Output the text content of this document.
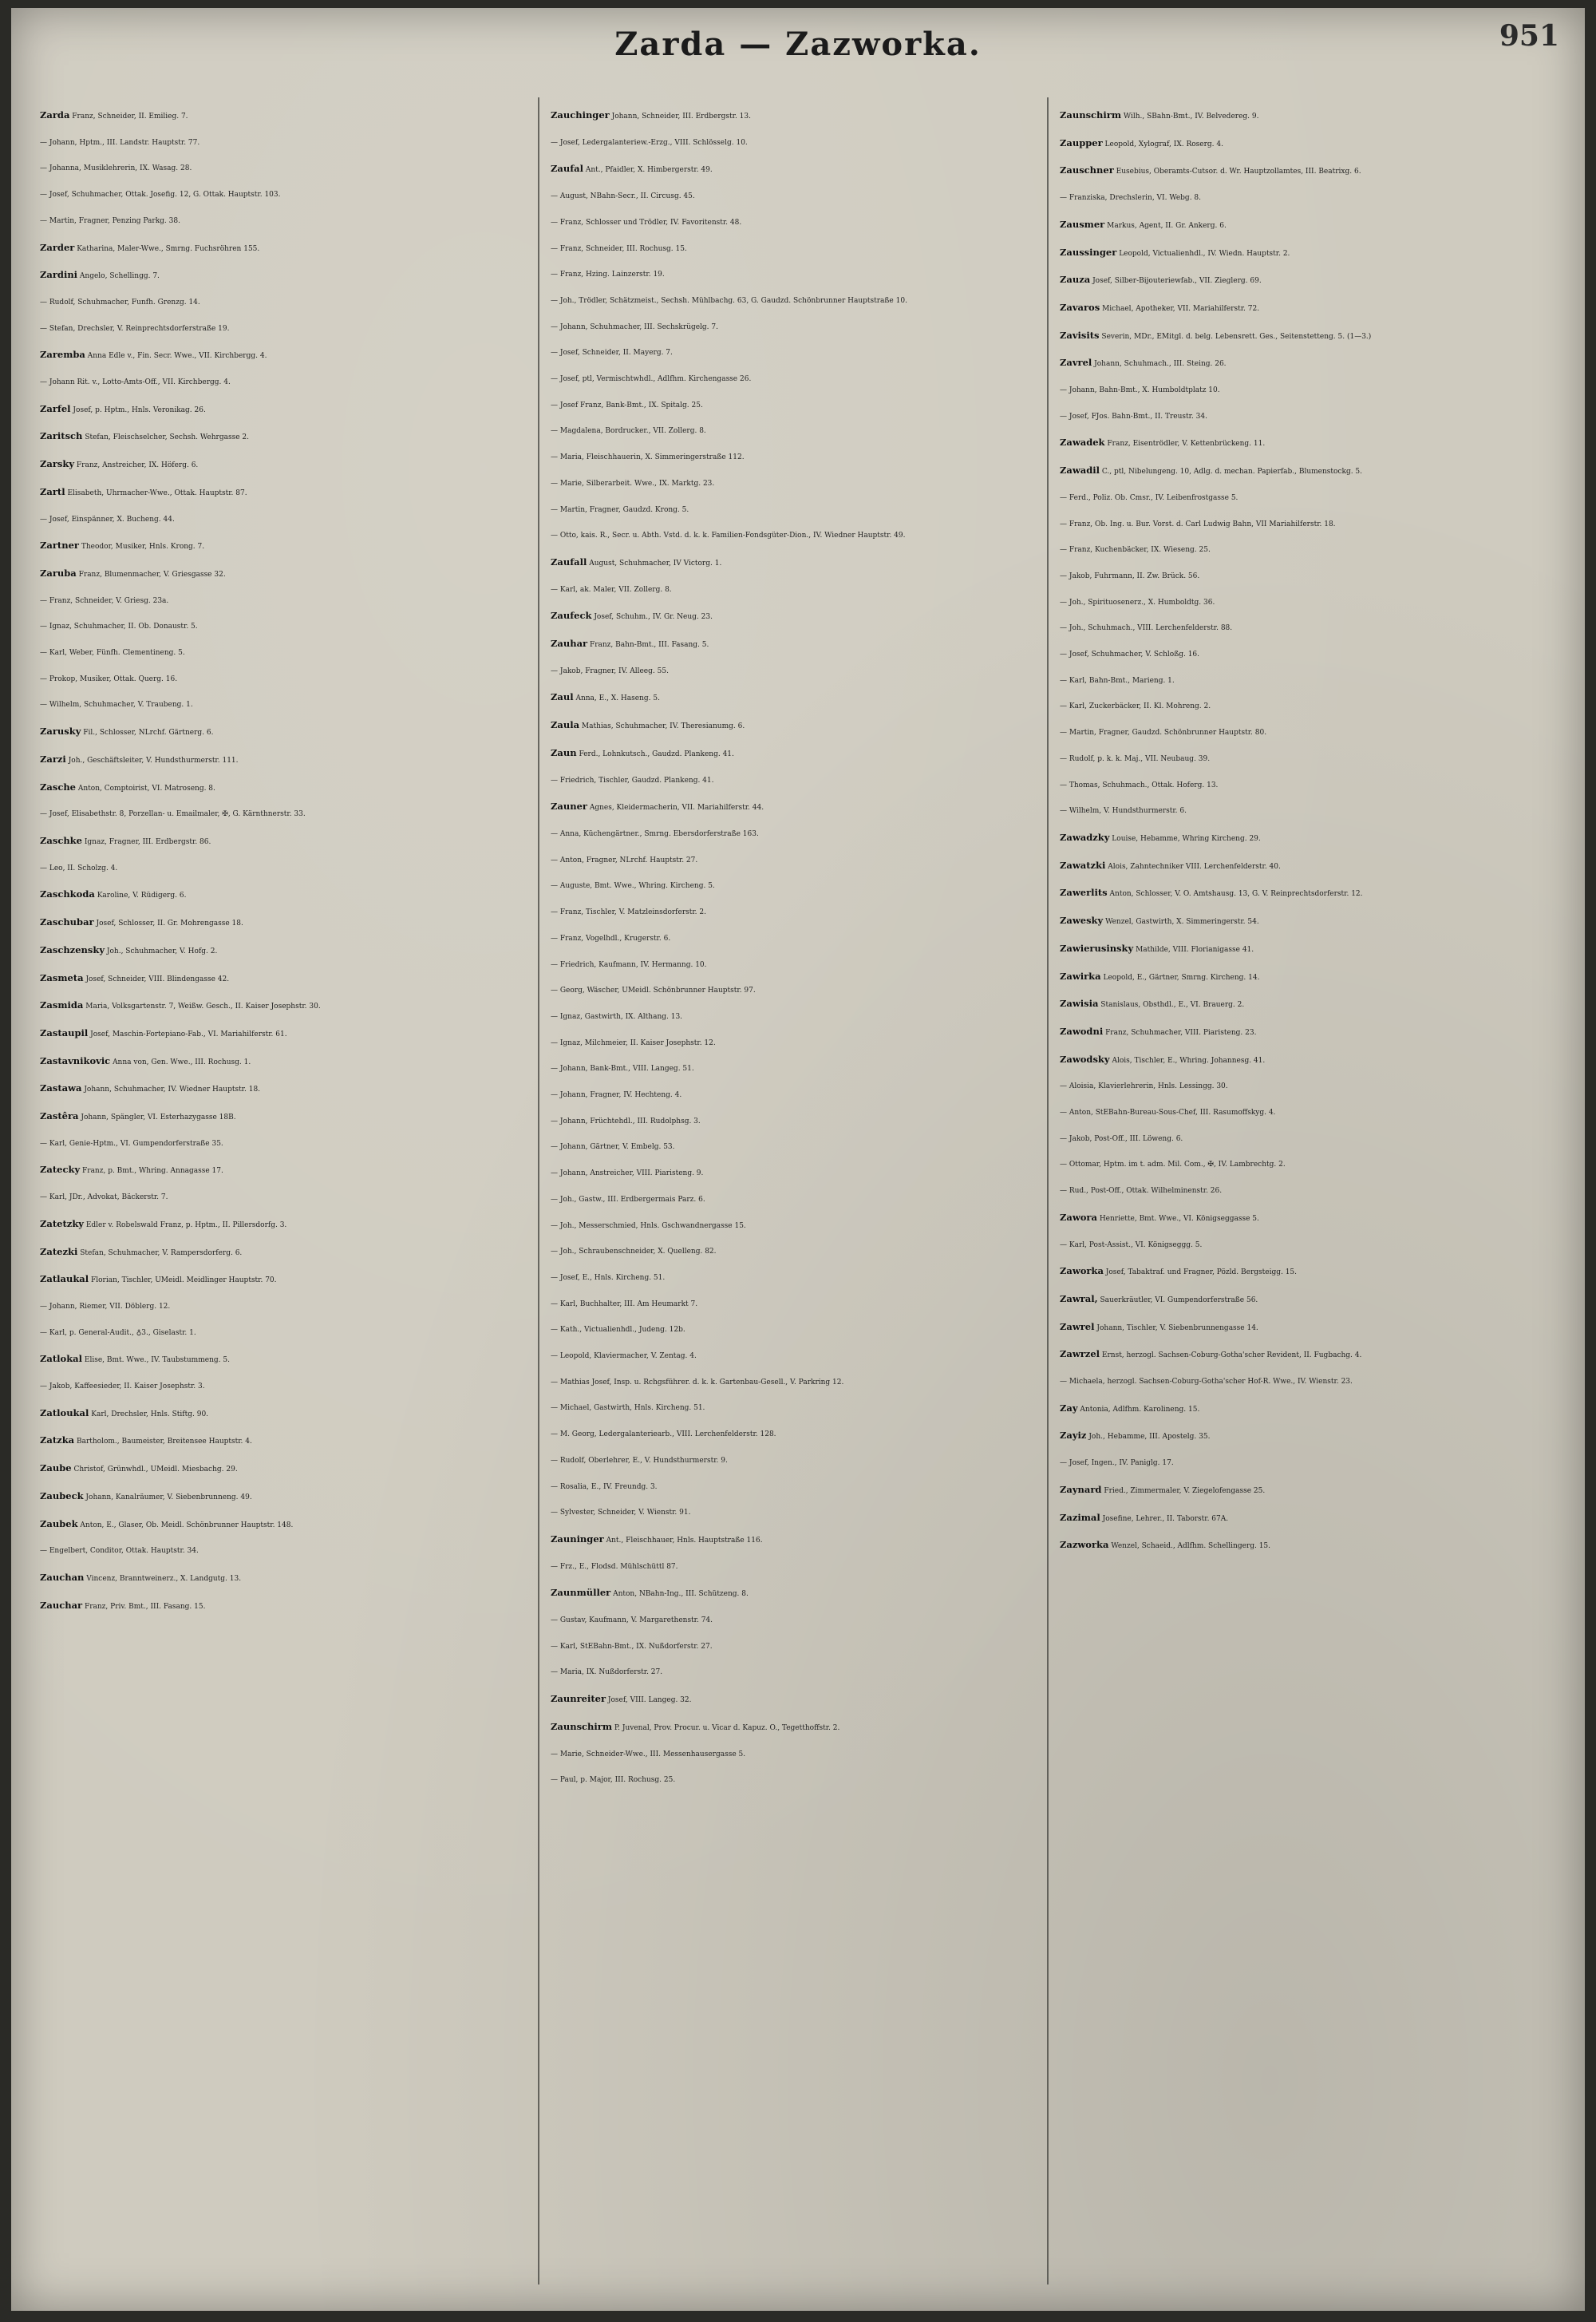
Zarda — Zazworka.	951
Zarda Franz, Schneider, II. Emilieg. 7.
— Johann, Hptm., III. Landstr. Hauptstr. 77.
— Johanna, Musiklehrerin, IX. Wasag. 28.
— Josef, Schuhmacher, Ottak. Josefig. 12, G. Ottak. Hauptstr. 103.
— Martin, Fragner, Penzing Parkg. 38.
Zarder Katharina, Maler-Wwe., Smrng. Fuchsröhren 155.
Zardini Angelo, Schellingg. 7.
— Rudolf, Schuhmacher, Funfh. Grenzg. 14.
— Stefan, Drechsler, V. Reinprechtsdorferstraße 19.
Zaremba Anna Edle v., Fin. Secr. Wwe., VII. Kirchbergg. 4.
— Johann Rit. v., Lotto-Amts-Off., VII. Kirchbergg. 4.
Zarfel Josef, p. Hptm., Hnls. Veronikag. 26.
Zaritsch Stefan, Fleischselcher, Sechsh. Wehrgasse 2.
Zarsky Franz, Anstreicher, IX. Höferg. 6.
Zartl Elisabeth, Uhrmacher-Wwe., Ottak. Hauptstr. 87.
— Josef, Einspänner, X. Bucheng. 44.
Zartner Theodor, Musiker, Hnls. Krong. 7.
Zaruba Franz, Blumenmacher, V. Griesgasse 32.
— Franz, Schneider, V. Griesg. 23a.
— Ignaz, Schuhmacher, II. Ob. Donaustr. 5.
— Karl, Weber, Fünfh. Clementineng. 5.
— Prokop, Musiker, Ottak. Querg. 16.
— Wilhelm, Schuhmacher, V. Traubeng. 1.
Zarusky Fil., Schlosser, NLrchf. Gärtnerg. 6.
Zarzi Joh., Geschäftsleiter, V. Hundsthurmerstr. 111.
Zasche Anton, Comptoirist, VI. Matroseng. 8.
— Josef, Elisabethstr. 8, Porzellan- u. Emailmaler, ✠, G. Kärnthnerstr. 33.
Zaschke Ignaz, Fragner, III. Erdbergstr. 86.
— Leo, II. Scholzg. 4.
Zaschkoda Karoline, V. Rüdigerg. 6.
Zaschubar Josef, Schlosser, II. Gr. Mohrengasse 18.
Zaschzensky Joh., Schuhmacher, V. Hofg. 2.
Zasmeta Josef, Schneider, VIII. Blindengasse 42.
Zasmida Maria, Volksgartenstr. 7, Weißw. Gesch., II. Kaiser Josephstr. 30.
Zastaupil Josef, Maschin-Fortepiano-Fab., VI. Mariahilferstr. 61.
Zastavnikovic Anna von, Gen. Wwe., III. Rochusg. 1.
Zastawa Johann, Schuhmacher, IV. Wiedner Hauptstr. 18.
Zastêra Johann, Spängler, VI. Esterhazygasse 18B.
— Karl, Genie-Hptm., VI. Gumpendorferstraße 35.
Zatecky Franz, p. Bmt., Whring. Annagasse 17.
— Karl, JDr., Advokat, Bäckerstr. 7.
Zatetzky Edler v. Robelswald Franz, p. Hptm., II. Pillersdorfg. 3.
Zatezki Stefan, Schuhmacher, V. Rampersdorferg. 6.
Zatlaukal Florian, Tischler, UMeidl. Meidlinger Hauptstr. 70.
— Johann, Riemer, VII. Döblerg. 12.
— Karl, p. General-Audit., ♁3., Giselastr. 1.
Zatlokal Elise, Bmt. Wwe., IV. Taubstummeng. 5.
— Jakob, Kaffeesieder, II. Kaiser Josephstr. 3.
Zatloukal Karl, Drechsler, Hnls. Stiftg. 90.
Zatzka Bartholom., Baumeister, Breitensee Hauptstr. 4.
Zaube Christof, Grünwhdl., UMeidl. Miesbachg. 29.
Zaubeck Johann, Kanalräumer, V. Siebenbrunneng. 49.
Zaubek Anton, E., Glaser, Ob. Meidl. Schönbrunner Hauptstr. 148.
— Engelbert, Conditor, Ottak. Hauptstr. 34.
Zauchan Vincenz, Branntweinerz., X. Landgutg. 13.
Zauchar Franz, Priv. Bmt., III. Fasang. 15.
Zauchinger Johann, Schneider, III. Erdbergstr. 13.
— Josef, Ledergalanteriew.-Erzg., VIII. Schlösselg. 10.
Zaufal Ant., Pfaidler, X. Himbergerstr. 49.
— August, NBahn-Secr., II. Circusg. 45.
— Franz, Schlosser und Trödler, IV. Favoritenstr. 48.
— Franz, Schneider, III. Rochusg. 15.
— Franz, Hzing. Lainzerstr. 19.
— Joh., Trödler, Schätzmeist., Sechsh. Mühlbachg. 63, G. Gaudzd. Schönbrunner Hauptstraße 10.
— Johann, Schuhmacher, III. Sechskrügelg. 7.
— Josef, Schneider, II. Mayerg. 7.
— Josef, ptl, Vermischtwhdl., Adlfhm. Kirchengasse 26.
— Josef Franz, Bank-Bmt., IX. Spitalg. 25.
— Magdalena, Bordrucker., VII. Zollerg. 8.
— Maria, Fleischhauerin, X. Simmeringerstraße 112.
— Marie, Silberarbeit. Wwe., IX. Marktg. 23.
— Martin, Fragner, Gaudzd. Krong. 5.
— Otto, kais. R., Secr. u. Abth. Vstd. d. k. k. Familien-Fondsgüter-Dion., IV. Wiedner Hauptstr. 49.
Zaufall August, Schuhmacher, IV Victorg. 1.
— Karl, ak. Maler, VII. Zollerg. 8.
Zaufeck Josef, Schuhm., IV. Gr. Neug. 23.
Zauhar Franz, Bahn-Bmt., III. Fasang. 5.
— Jakob, Fragner, IV. Alleeg. 55.
Zaul Anna, E., X. Haseng. 5.
Zaula Mathias, Schuhmacher, IV. Theresianumg. 6.
Zaun Ferd., Lohnkutsch., Gaudzd. Plankeng. 41.
— Friedrich, Tischler, Gaudzd. Plankeng. 41.
Zauner Agnes, Kleidermacherin, VII. Mariahilferstr. 44.
— Anna, Küchengärtner., Smrng. Ebersdorferstraße 163.
— Anton, Fragner, NLrchf. Hauptstr. 27.
— Auguste, Bmt. Wwe., Whring. Kircheng. 5.
— Franz, Tischler, V. Matzleinsdorferstr. 2.
— Franz, Vogelhdl., Krugerstr. 6.
— Friedrich, Kaufmann, IV. Hermanng. 10.
— Georg, Wäscher, UMeidl. Schönbrunner Hauptstr. 97.
— Ignaz, Gastwirth, IX. Althang. 13.
— Ignaz, Milchmeier, II. Kaiser Josephstr. 12.
— Johann, Bank-Bmt., VIII. Langeg. 51.
— Johann, Fragner, IV. Hechteng. 4.
— Johann, Früchtehdl., III. Rudolphsg. 3.
— Johann, Gärtner, V. Embelg. 53.
— Johann, Anstreicher, VIII. Piaristeng. 9.
— Joh., Gastw., III. Erdbergermais Parz. 6.
— Joh., Messerschmied, Hnls. Gschwandnergasse 15.
— Joh., Schraubenschneider, X. Quelleng. 82.
— Josef, E., Hnls. Kircheng. 51.
— Karl, Buchhalter, III. Am Heumarkt 7.
— Kath., Victualienhdl., Judeng. 12b.
— Leopold, Klaviermacher, V. Zentag. 4.
— Mathias Josef, Insp. u. Rchgsführer. d. k. k. Gartenbau-Gesell., V. Parkring 12.
— Michael, Gastwirth, Hnls. Kircheng. 51.
— M. Georg, Ledergalanteriearb., VIII. Lerchenfelderstr. 128.
— Rudolf, Oberlehrer, E., V. Hundsthurmerstr. 9.
— Rosalia, E., IV. Freundg. 3.
— Sylvester, Schneider, V. Wienstr. 91.
Zauninger Ant., Fleischhauer, Hnls. Hauptstraße 116.
— Frz., E., Flodsd. Mühlschüttl 87.
Zaunmüller Anton, NBahn-Ing., III. Schützeng. 8.
— Gustav, Kaufmann, V. Margarethenstr. 74.
— Karl, StEBahn-Bmt., IX. Nußdorferstr. 27.
— Maria, IX. Nußdorferstr. 27.
Zaunreiter Josef, VIII. Langeg. 32.
Zaunschirm P. Juvenal, Prov. Procur. u. Vicar d. Kapuz. O., Tegetthoffstr. 2.
— Marie, Schneider-Wwe., III. Messenhausergasse 5.
— Paul, p. Major, III. Rochusg. 25.
Zaunschirm Wilh., SBahn-Bmt., IV. Belvedereg. 9.
Zaupper Leopold, Xylograf, IX. Roserg. 4.
Zauschner Eusebius, Oberamts-Cutsor. d. Wr. Hauptzollamtes, III. Beatrixg. 6.
— Franziska, Drechslerin, VI. Webg. 8.
Zausmer Markus, Agent, II. Gr. Ankerg. 6.
Zaussinger Leopold, Victualienhdl., IV. Wiedn. Hauptstr. 2.
Zauza Josef, Silber-Bijouteriewfab., VII. Zieglerg. 69.
Zavaros Michael, Apotheker, VII. Mariahilferstr. 72.
Zavisits Severin, MDr., EMitgl. d. belg. Lebensrett. Ges., Seitenstetteng. 5. (1—3.)
Zavrel Johann, Schuhmach., III. Steing. 26.
— Johann, Bahn-Bmt., X. Humboldtplatz 10.
— Josef, FJos. Bahn-Bmt., II. Treustr. 34.
Zawadek Franz, Eisentrödler, V. Kettenbrückeng. 11.
Zawadil C., ptl, Nibelungeng. 10, Adlg. d. mechan. Papierfab., Blumenstockg. 5.
— Ferd., Poliz. Ob. Cmsr., IV. Leibenfrostgasse 5.
— Franz, Ob. Ing. u. Bur. Vorst. d. Carl Ludwig Bahn, VII Mariahilferstr. 18.
— Franz, Kuchenbäcker, IX. Wieseng. 25.
— Jakob, Fuhrmann, II. Zw. Brück. 56.
— Joh., Spirituosenerz., X. Humboldtg. 36.
— Joh., Schuhmach., VIII. Lerchenfelderstr. 88.
— Josef, Schuhmacher, V. Schloßg. 16.
— Karl, Bahn-Bmt., Marieng. 1.
— Karl, Zuckerbäcker, II. Kl. Mohreng. 2.
— Martin, Fragner, Gaudzd. Schönbrunner Hauptstr. 80.
— Rudolf, p. k. k. Maj., VII. Neubaug. 39.
— Thomas, Schuhmach., Ottak. Hoferg. 13.
— Wilhelm, V. Hundsthurmerstr. 6.
Zawadzky Louise, Hebamme, Whring Kircheng. 29.
Zawatzki Alois, Zahntechniker VIII. Lerchenfelderstr. 40.
Zawerlits Anton, Schlosser, V. O. Amtshausg. 13, G. V. Reinprechtsdorferstr. 12.
Zawesky Wenzel, Gastwirth, X. Simmeringerstr. 54.
Zawierusinsky Mathilde, VIII. Florianigasse 41.
Zawirka Leopold, E., Gärtner, Smrng. Kircheng. 14.
Zawisia Stanislaus, Obsthdl., E., VI. Brauerg. 2.
Zawodni Franz, Schuhmacher, VIII. Piaristeng. 23.
Zawodsky Alois, Tischler, E., Whring. Johannesg. 41.
— Aloisia, Klavierlehrerin, Hnls. Lessingg. 30.
— Anton, StEBahn-Bureau-Sous-Chef, III. Rasumoffskyg. 4.
— Jakob, Post-Off., III. Löweng. 6.
— Ottomar, Hptm. im t. adm. Mil. Com., ✠, IV. Lambrechtg. 2.
— Rud., Post-Off., Ottak. Wilhelminenstr. 26.
Zawora Henriette, Bmt. Wwe., VI. Königseggasse 5.
— Karl, Post-Assist., VI. Königseggg. 5.
Zaworka Josef, Tabaktraf. und Fragner, Pözld. Bergsteigg. 15.
Zawral, Sauerkräutler, VI. Gumpendorferstraße 56.
Zawrel Johann, Tischler, V. Siebenbrunnengasse 14.
Zawrzel Ernst, herzogl. Sachsen-Coburg-Gotha'scher Revident, II. Fugbachg. 4.
— Michaela, herzogl. Sachsen-Coburg-Gotha'scher Hof-R. Wwe., IV. Wienstr. 23.
Zay Antonia, Adlfhm. Karolineng. 15.
Zayiz Joh., Hebamme, III. Apostelg. 35.
— Josef, Ingen., IV. Paniglg. 17.
Zaynard Fried., Zimmermaler, V. Ziegelofengasse 25.
Zazimal Josefine, Lehrer., II. Taborstr. 67A.
Zazworka Wenzel, Schaeid., Adlfhm. Schellingerg. 15.
